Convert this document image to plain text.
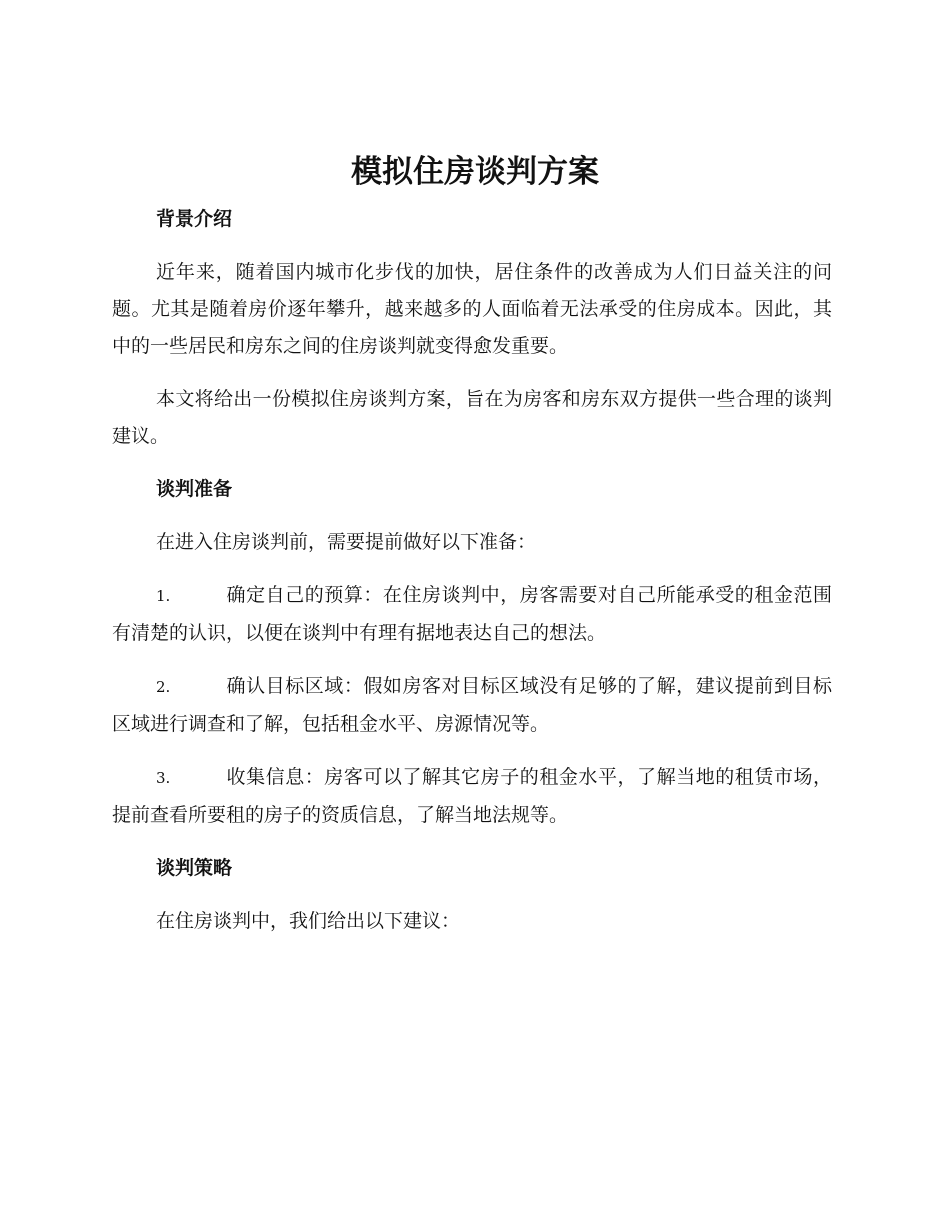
模拟住房谈判方案
背景介绍

近年来，随着国内城市化步伐的加快，居住条件的改善成为人们日益关注的问题。尤其是随着房价逐年攀升，越来越多的人面临着无法承受的住房成本。因此，其中的一些居民和房东之间的住房谈判就变得愈发重要。

本文将给出一份模拟住房谈判方案，旨在为房客和房东双方提供一些合理的谈判建议。

谈判准备

在进入住房谈判前，需要提前做好以下准备：

1.	确定自己的预算：在住房谈判中，房客需要对自己所能承受的租金范围有清楚的认识，以便在谈判中有理有据地表达自己的想法。

2.	确认目标区域：假如房客对目标区域没有足够的了解，建议提前到目标区域进行调查和了解，包括租金水平、房源情况等。

3.	收集信息：房客可以了解其它房子的租金水平，了解当地的租赁市场，提前查看所要租的房子的资质信息，了解当地法规等。

谈判策略

在住房谈判中，我们给出以下建议：
